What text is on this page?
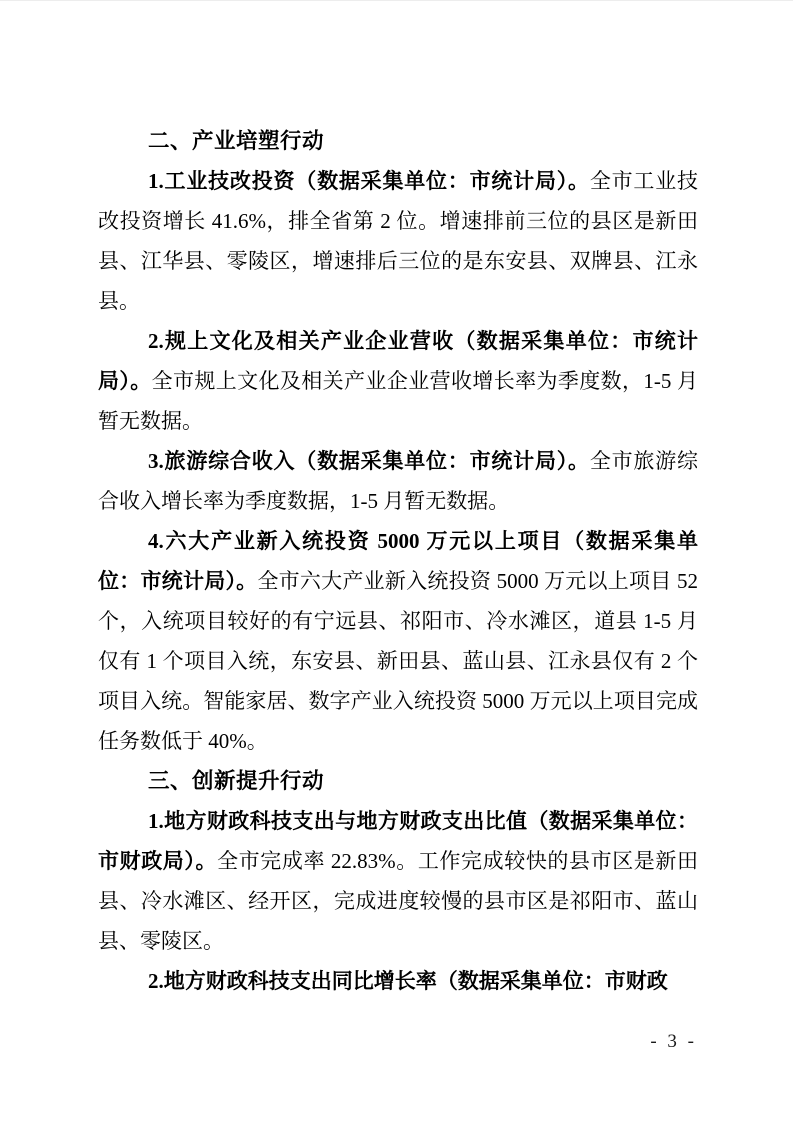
二、产业培塑行动

1.工业技改投资（数据采集单位：市统计局）。全市工业技改投资增长 41.6%，排全省第 2 位。增速排前三位的县区是新田县、江华县、零陵区，增速排后三位的是东安县、双牌县、江永县。

2.规上文化及相关产业企业营收（数据采集单位：市统计局）。全市规上文化及相关产业企业营收增长率为季度数，1-5 月暂无数据。

3.旅游综合收入（数据采集单位：市统计局）。全市旅游综合收入增长率为季度数据，1-5 月暂无数据。

4.六大产业新入统投资 5000 万元以上项目（数据采集单位：市统计局）。全市六大产业新入统投资 5000 万元以上项目 52 个，入统项目较好的有宁远县、祁阳市、冷水滩区，道县 1-5 月仅有 1 个项目入统，东安县、新田县、蓝山县、江永县仅有 2 个项目入统。智能家居、数字产业入统投资 5000 万元以上项目完成任务数低于 40%。

三、创新提升行动

1.地方财政科技支出与地方财政支出比值（数据采集单位：市财政局）。全市完成率 22.83%。工作完成较快的县市区是新田县、冷水滩区、经开区，完成进度较慢的县市区是祁阳市、蓝山县、零陵区。

2.地方财政科技支出同比增长率（数据采集单位：市财政

- 3 -
